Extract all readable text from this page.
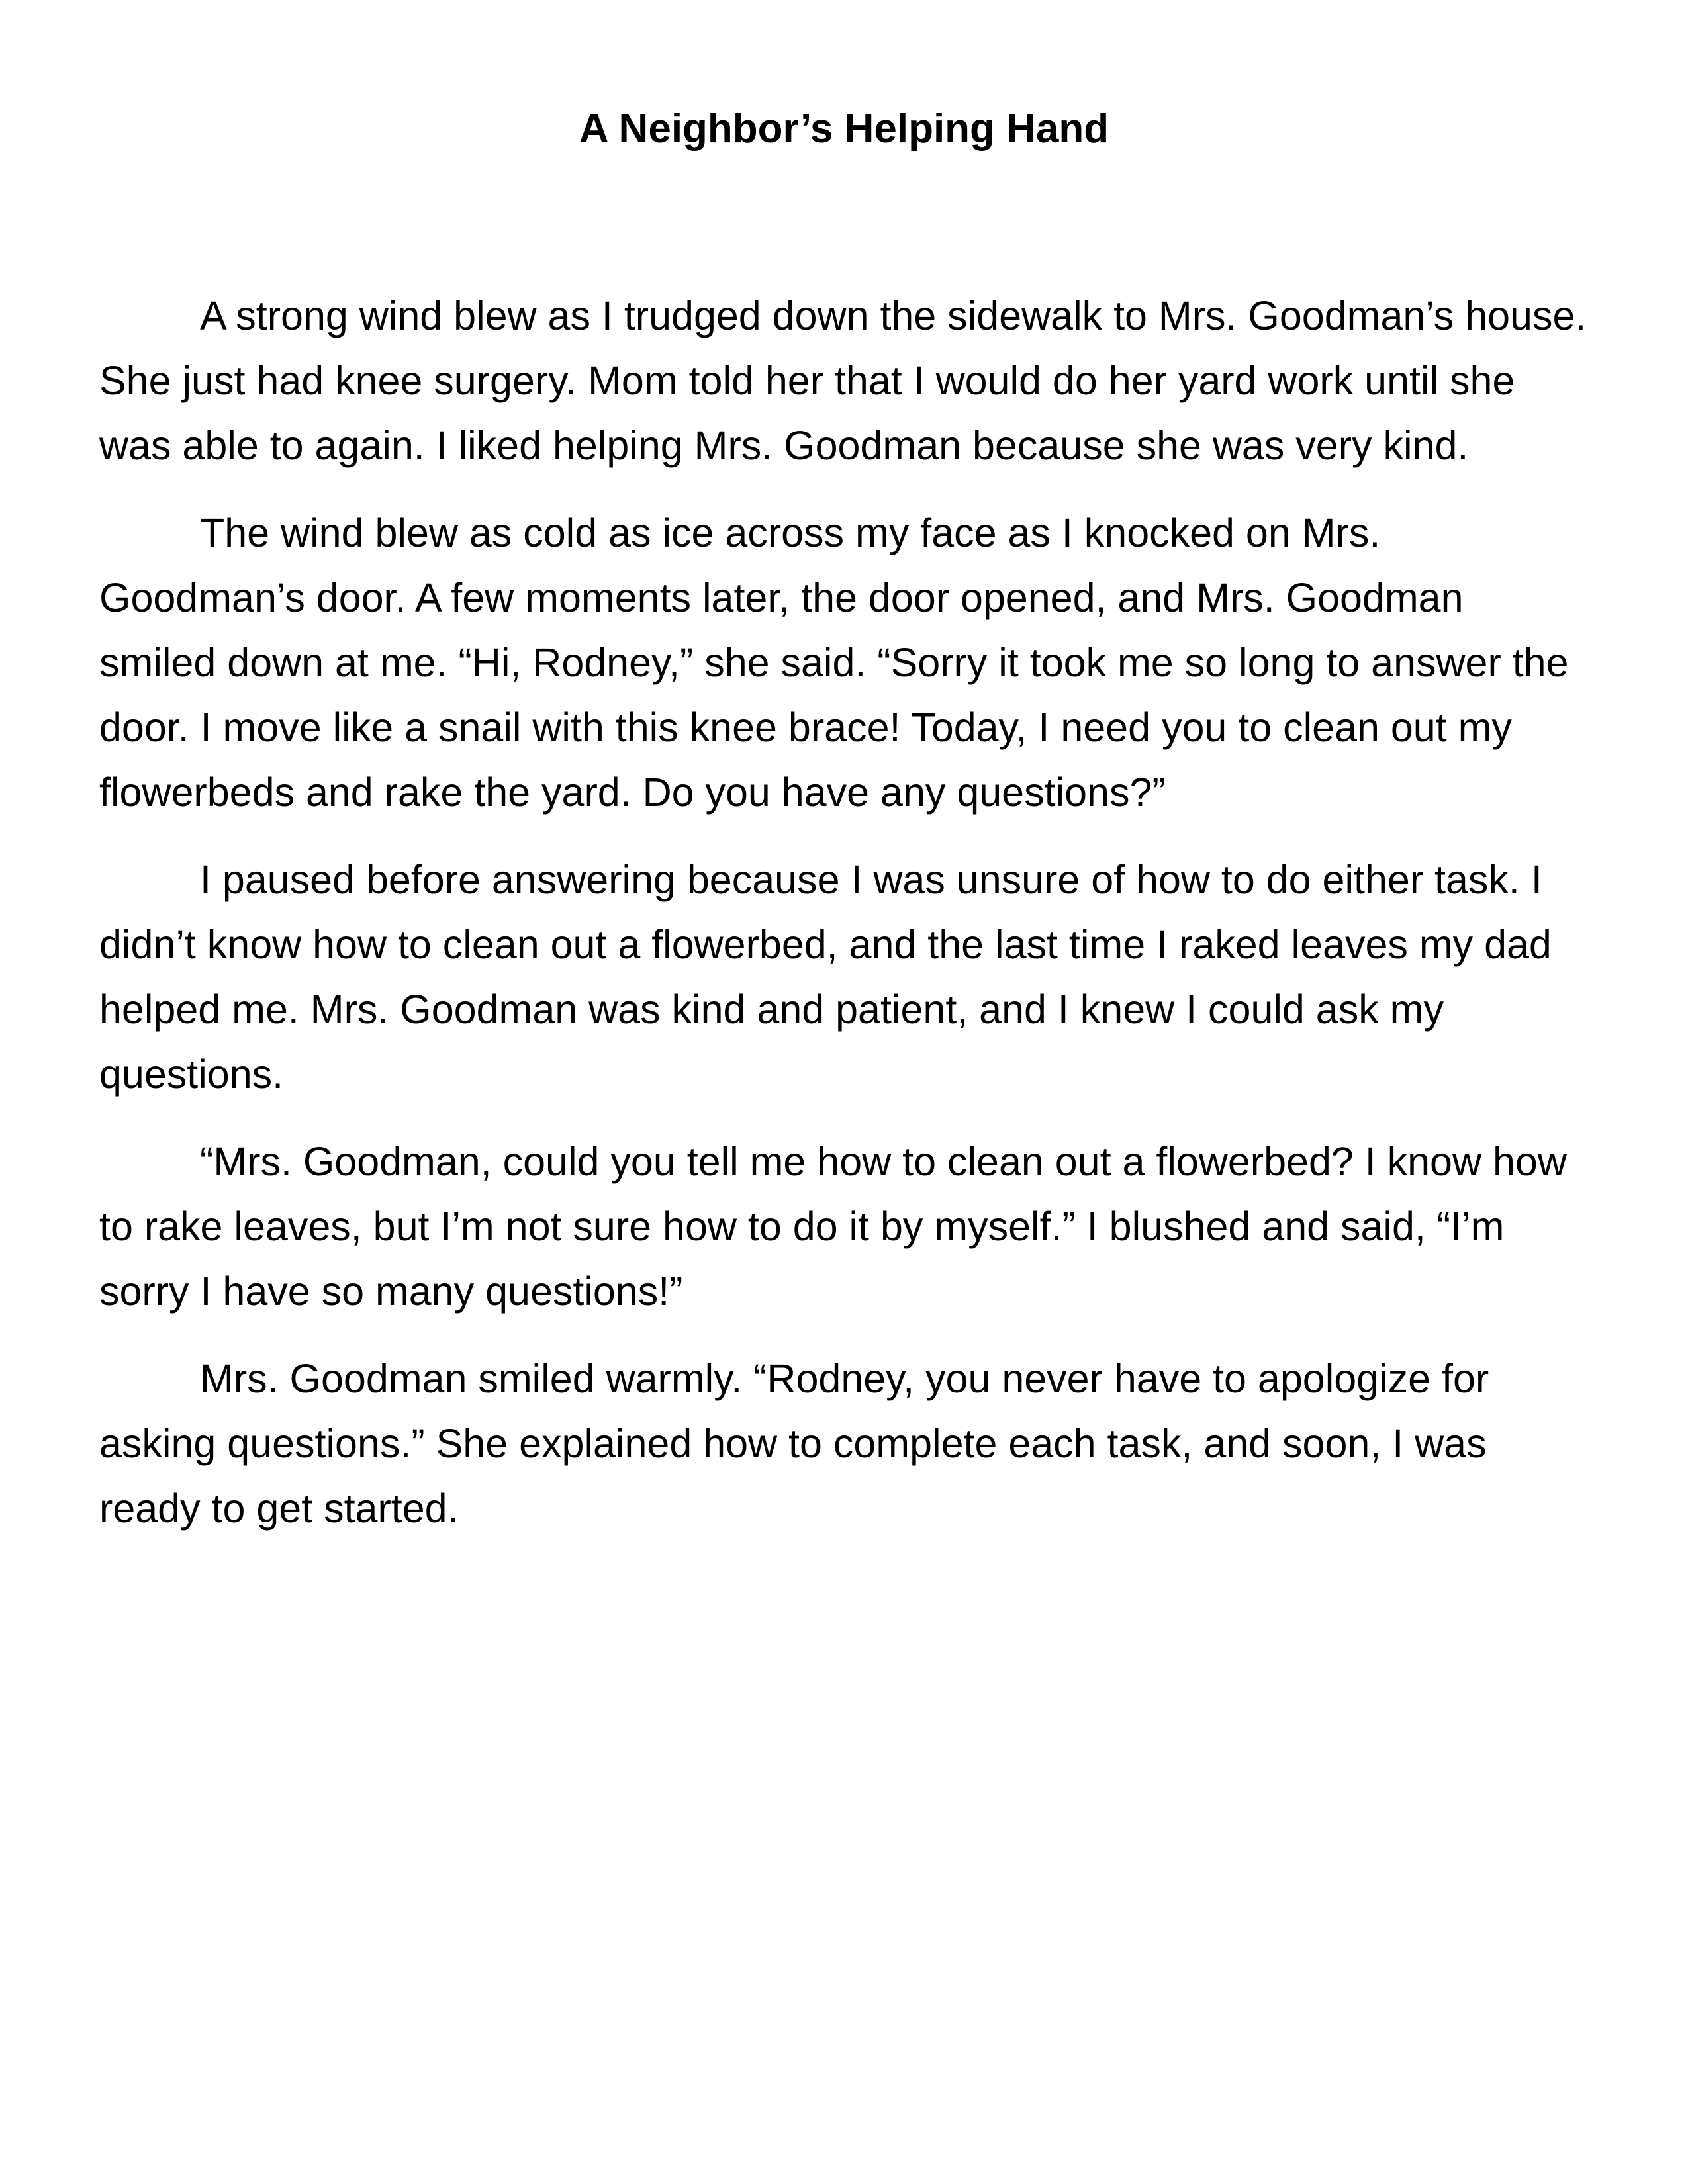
A Neighbor’s Helping Hand

A strong wind blew as I trudged down the sidewalk to Mrs. Goodman’s house. She just had knee surgery. Mom told her that I would do her yard work until she was able to again. I liked helping Mrs. Goodman because she was very kind.

The wind blew as cold as ice across my face as I knocked on Mrs. Goodman’s door. A few moments later, the door opened, and Mrs. Goodman smiled down at me. “Hi, Rodney,” she said. “Sorry it took me so long to answer the door. I move like a snail with this knee brace! Today, I need you to clean out my flowerbeds and rake the yard. Do you have any questions?”

I paused before answering because I was unsure of how to do either task. I didn’t know how to clean out a flowerbed, and the last time I raked leaves my dad helped me. Mrs. Goodman was kind and patient, and I knew I could ask my questions.

“Mrs. Goodman, could you tell me how to clean out a flowerbed? I know how to rake leaves, but I’m not sure how to do it by myself.” I blushed and said, “I’m sorry I have so many questions!”

Mrs. Goodman smiled warmly. “Rodney, you never have to apologize for asking questions.” She explained how to complete each task, and soon, I was ready to get started.
